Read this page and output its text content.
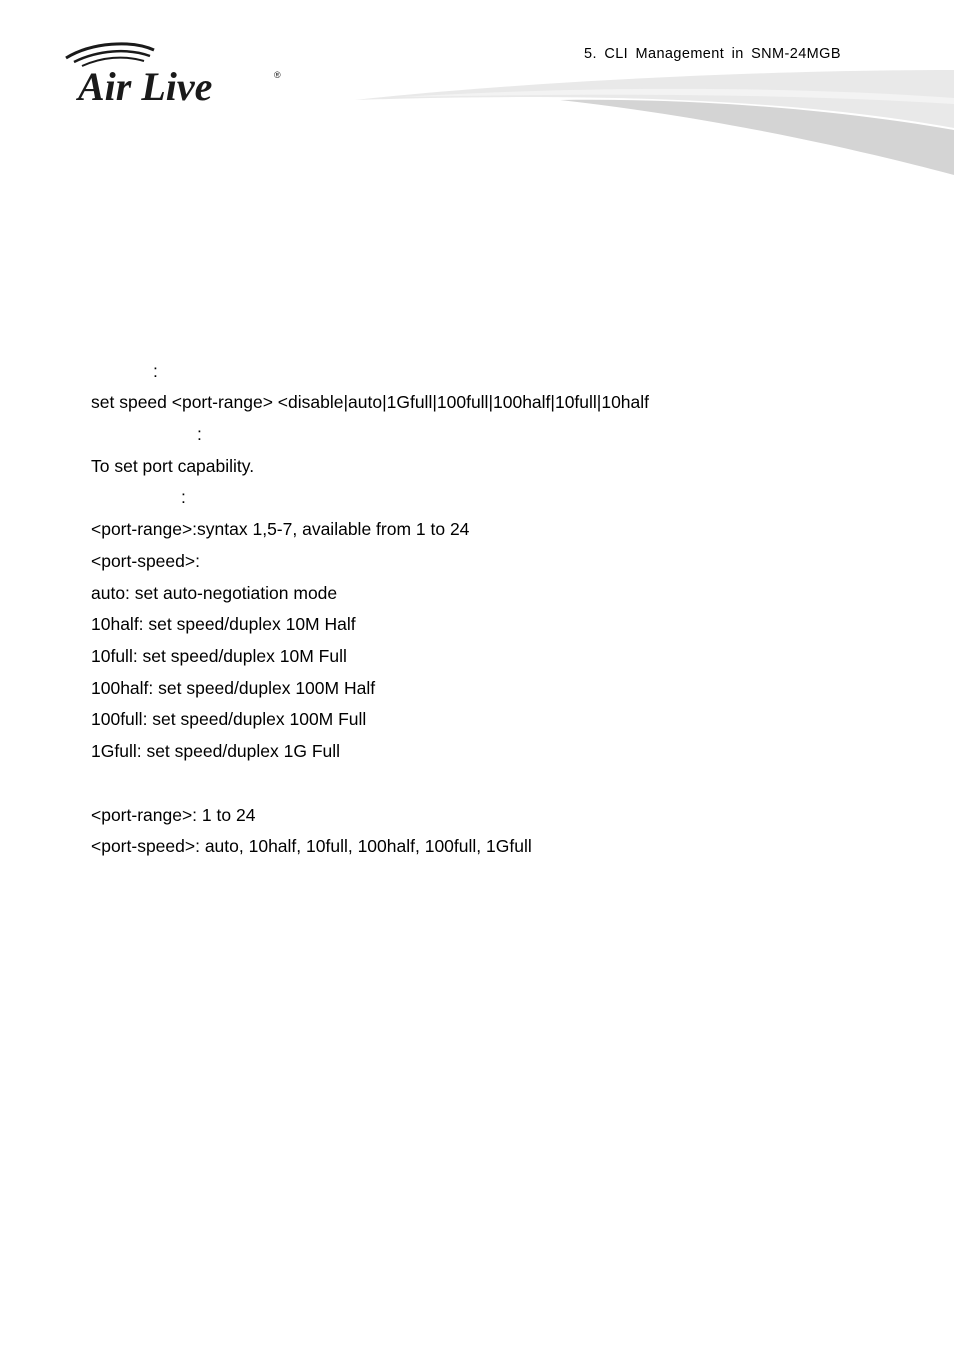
Air Live	®
5. CLI Management in SNM-24MGB
:
set speed <port-range> <disable|auto|1Gfull|100full|100half|10full|10half
:
To set port capability.
:
<port-range>:syntax 1,5-7, available from 1 to 24
<port-speed>:
auto: set auto-negotiation mode
10half: set speed/duplex 10M Half
10full: set speed/duplex 10M Full
100half: set speed/duplex 100M Half
100full: set speed/duplex 100M Full
1Gfull: set speed/duplex 1G Full
<port-range>: 1 to 24
<port-speed>: auto, 10half, 10full, 100half, 100full, 1Gfull
